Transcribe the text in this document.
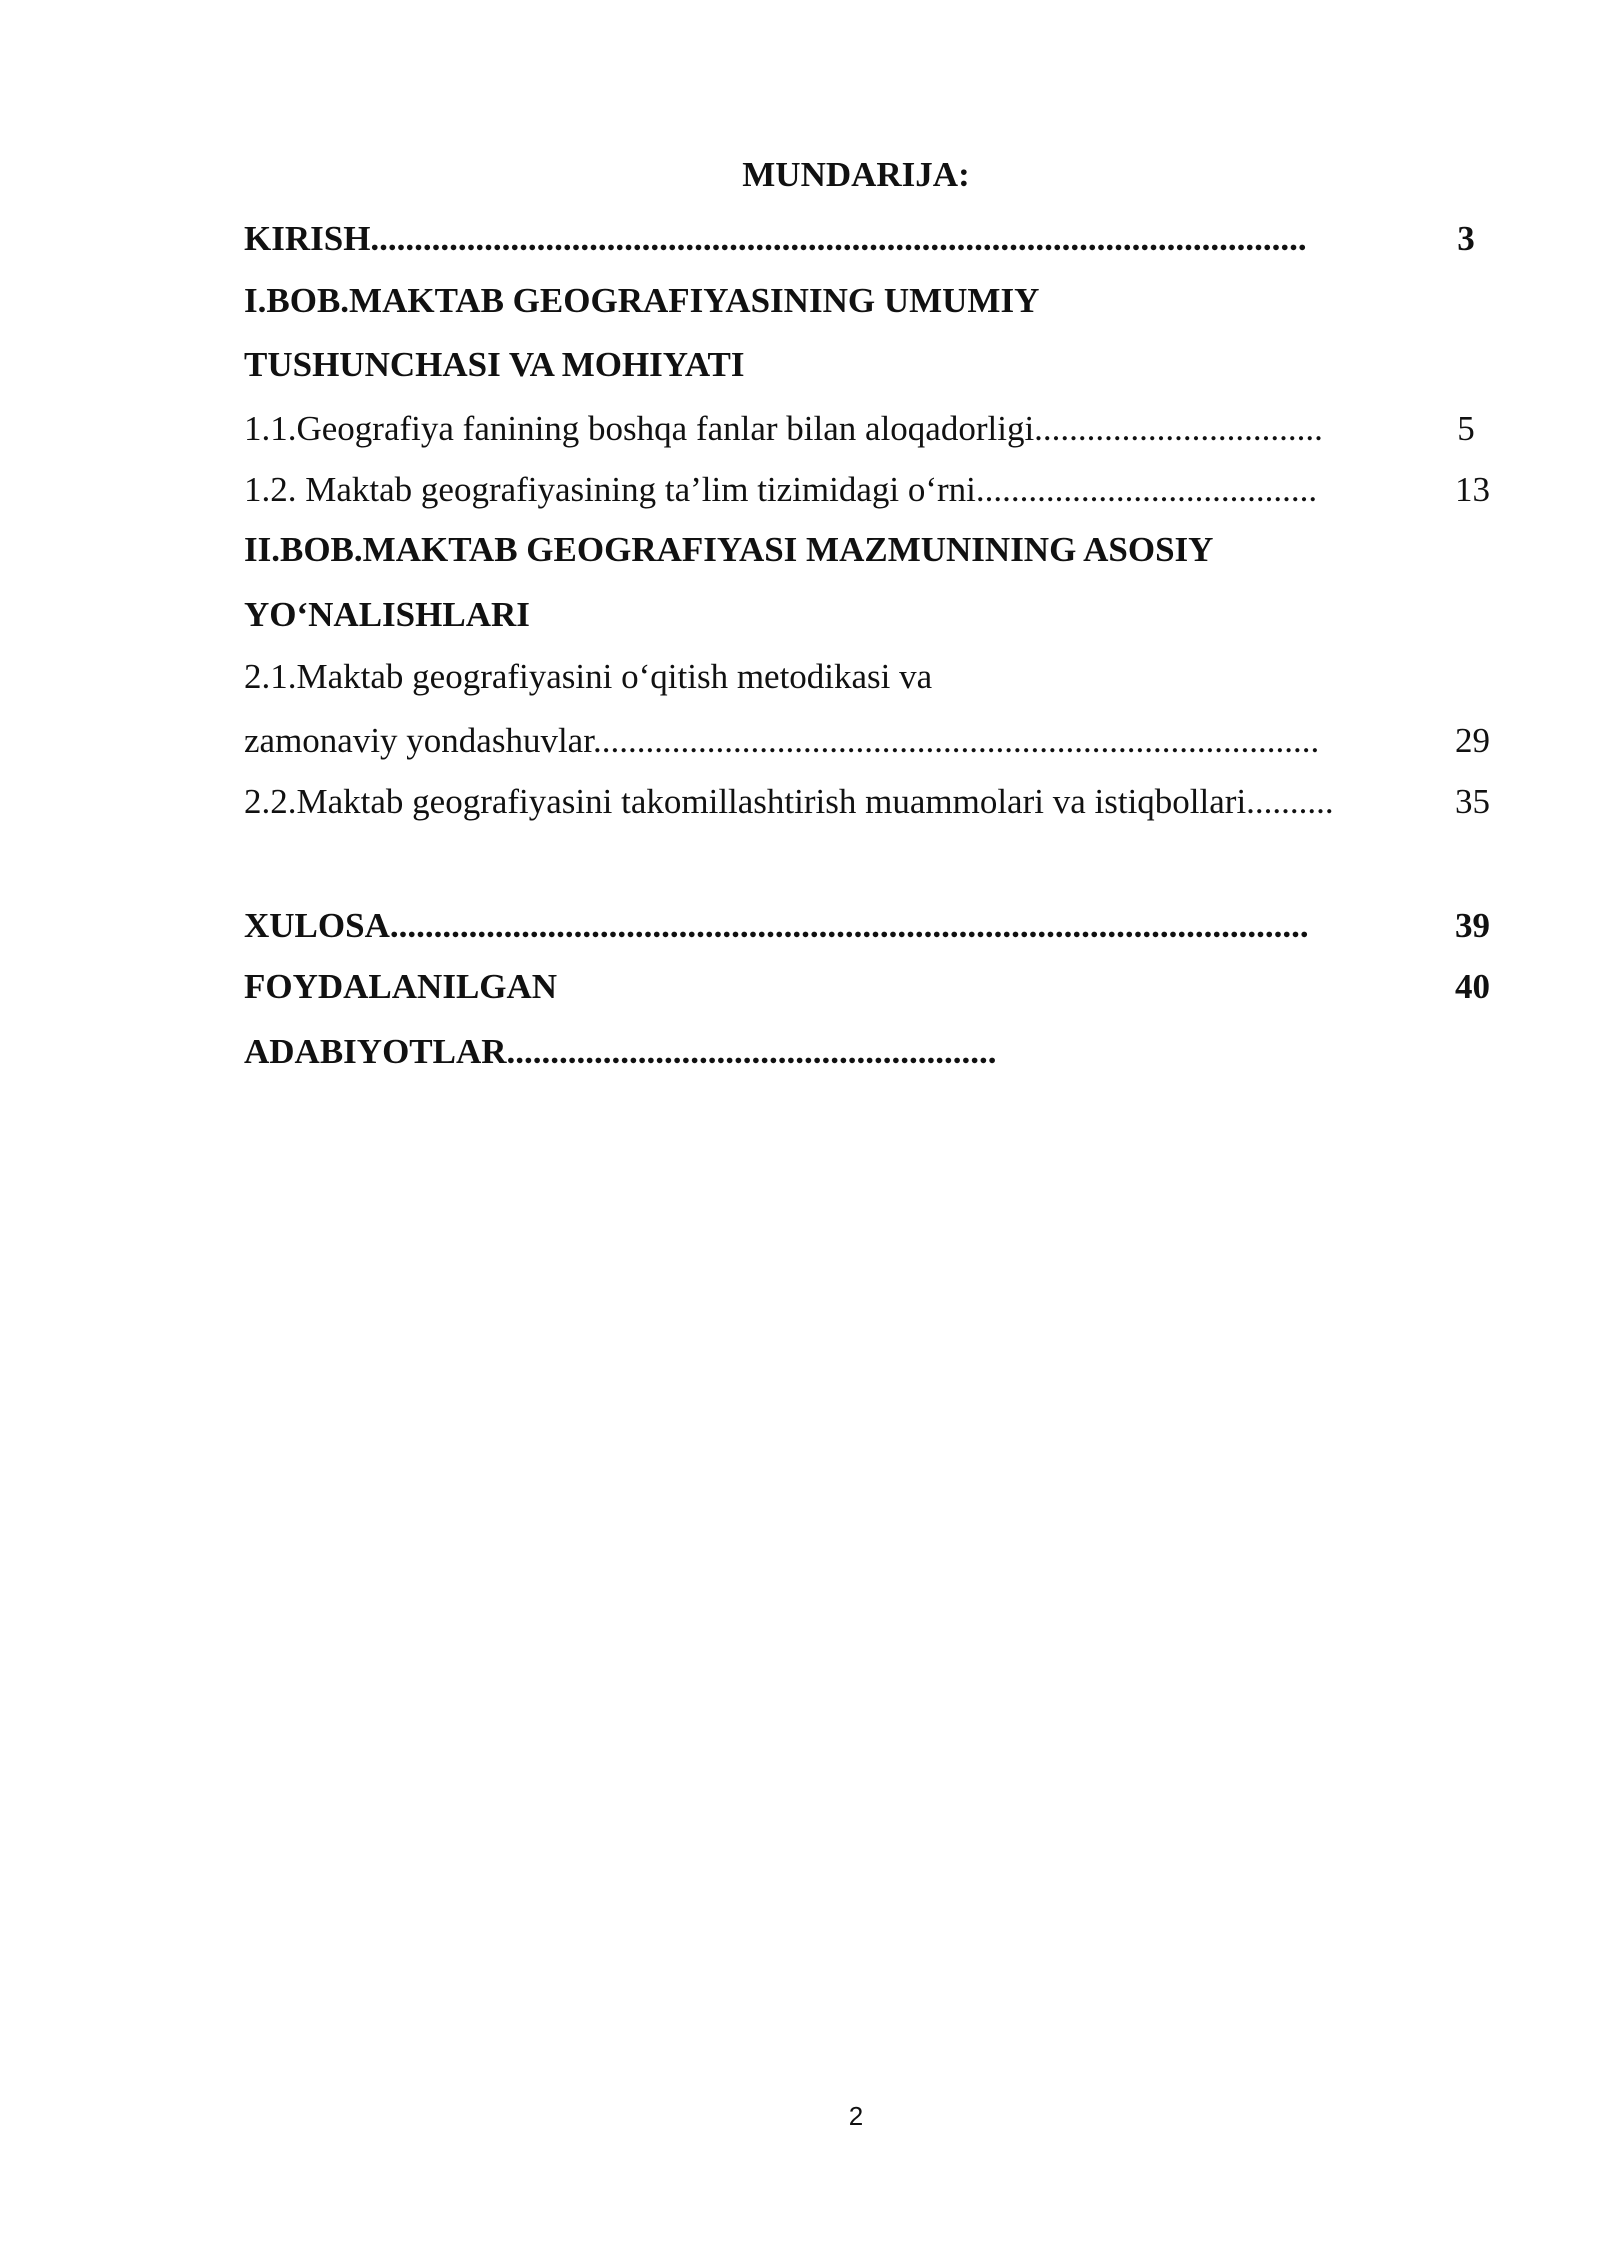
MUNDARIJA:
KIRISH...........................................................................................................	3
I.BOB.MAKTAB GEOGRAFIYASINING UMUMIY
TUSHUNCHASI VA MOHIYATI
1.1.Geografiya fanining boshqa fanlar bilan aloqadorligi.................................	5
1.2. Maktab geografiyasining ta’lim tizimidagi o‘rni.......................................	13
II.BOB.MAKTAB GEOGRAFIYASI MAZMUNINING ASOSIY
YO‘NALISHLARI
2.1.Maktab geografiyasini o‘qitish metodikasi va
zamonaviy yondashuvlar...................................................................................	29
2.2.Maktab geografiyasini takomillashtirish muammolari va istiqbollari..........	35
XULOSA.........................................................................................................	39
FOYDALANILGAN	40
ADABIYOTLAR........................................................
2
